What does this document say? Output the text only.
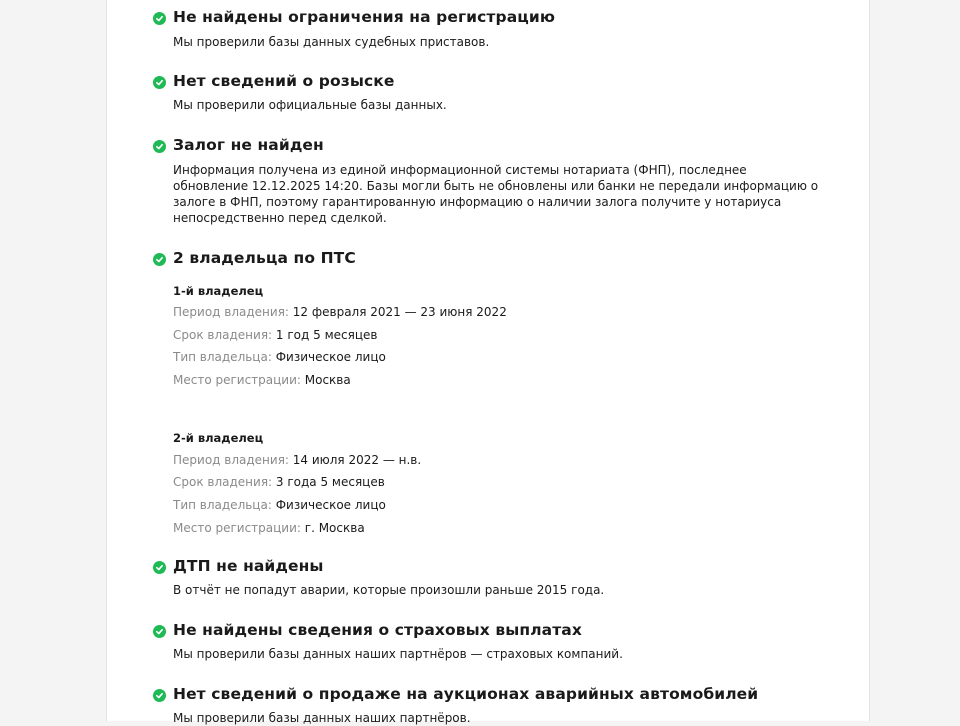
Не найдены ограничения на регистрацию
Мы проверили базы данных судебных приставов.
Нет сведений о розыске
Мы проверили официальные базы данных.
Залог не найден
Информация получена из единой информационной системы нотариата (ФНП), последнее
обновление 12.12.2025 14:20. Базы могли быть не обновлены или банки не передали информацию о
залоге в ФНП, поэтому гарантированную информацию о наличии залога получите у нотариуса
непосредственно перед сделкой.
2 владельца по ПТС
1-й владелец
Период владения: 12 февраля 2021 — 23 июня 2022
Срок владения: 1 год 5 месяцев
Тип владельца: Физическое лицо
Место регистрации: Москва
2-й владелец
Период владения: 14 июля 2022 — н.в.
Срок владения: 3 года 5 месяцев
Тип владельца: Физическое лицо
Место регистрации: г. Москва
ДТП не найдены
В отчёт не попадут аварии, которые произошли раньше 2015 года.
Не найдены сведения о страховых выплатах
Мы проверили базы данных наших партнёров — страховых компаний.
Нет сведений о продаже на аукционах аварийных автомобилей
Мы проверили базы данных наших партнёров.
